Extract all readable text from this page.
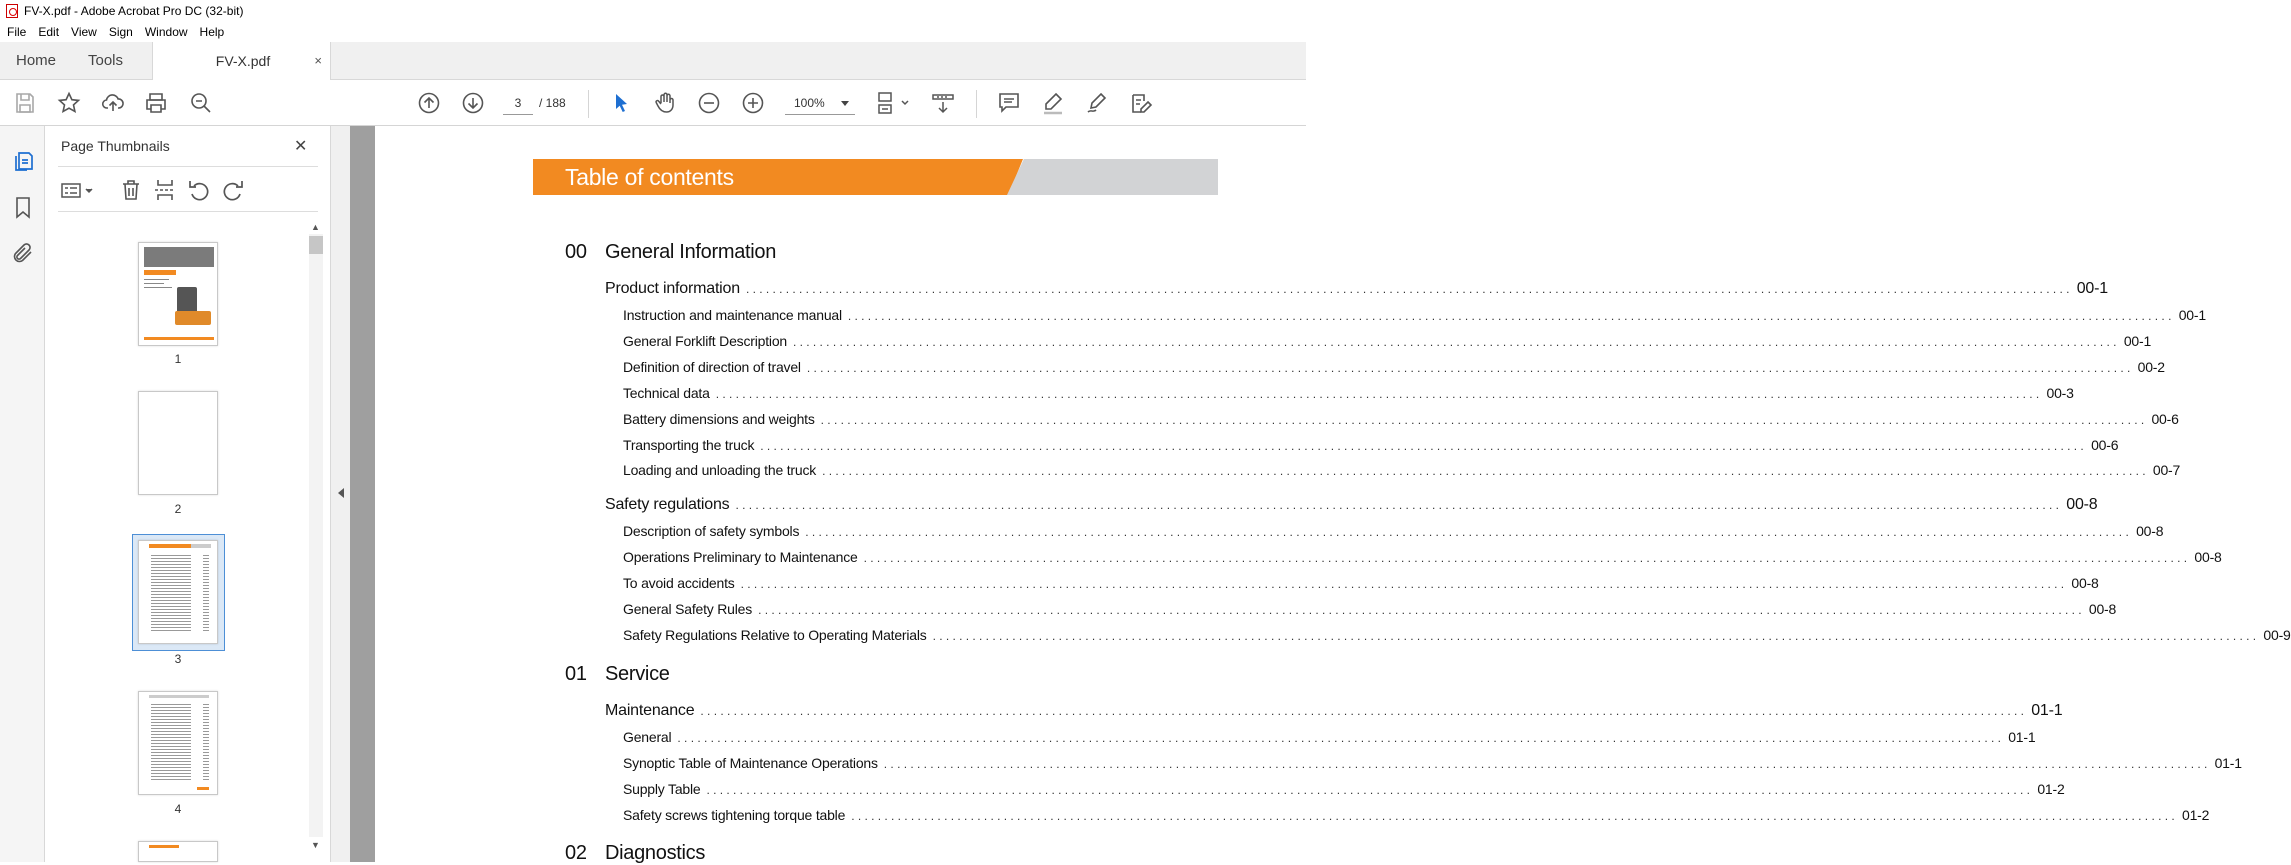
FV-X.pdf - Adobe Acrobat Pro DC (32-bit)
File	Edit	View	Sign	Window	Help
Home Tools	FV-X.pdf	×
3	/ 188	100%
Page Thumbnails	✕
▲
▼
1
2
3
4
Table of contents
00 General Information
01 Service
02 Diagnostics
Product information ........................................................................................................................................................................................................ 00-1
Instruction and maintenance manual ........................................................................................................................................................................................................ 00-1
General Forklift Description ........................................................................................................................................................................................................ 00-1
Definition of direction of travel ........................................................................................................................................................................................................ 00-2
Technical data ........................................................................................................................................................................................................ 00-3
Battery dimensions and weights ........................................................................................................................................................................................................ 00-6
Transporting the truck ........................................................................................................................................................................................................ 00-6
Loading and unloading the truck ........................................................................................................................................................................................................ 00-7
Safety regulations ........................................................................................................................................................................................................ 00-8
Description of safety symbols ........................................................................................................................................................................................................ 00-8
Operations Preliminary to Maintenance ........................................................................................................................................................................................................ 00-8
To avoid accidents ........................................................................................................................................................................................................ 00-8
General Safety Rules ........................................................................................................................................................................................................ 00-8
Safety Regulations Relative to Operating Materials ........................................................................................................................................................................................................ 00-9
Maintenance ........................................................................................................................................................................................................ 01-1
General ........................................................................................................................................................................................................ 01-1
Synoptic Table of Maintenance Operations ........................................................................................................................................................................................................ 01-1
Supply Table ........................................................................................................................................................................................................ 01-2
Safety screws tightening torque table ........................................................................................................................................................................................................ 01-2
